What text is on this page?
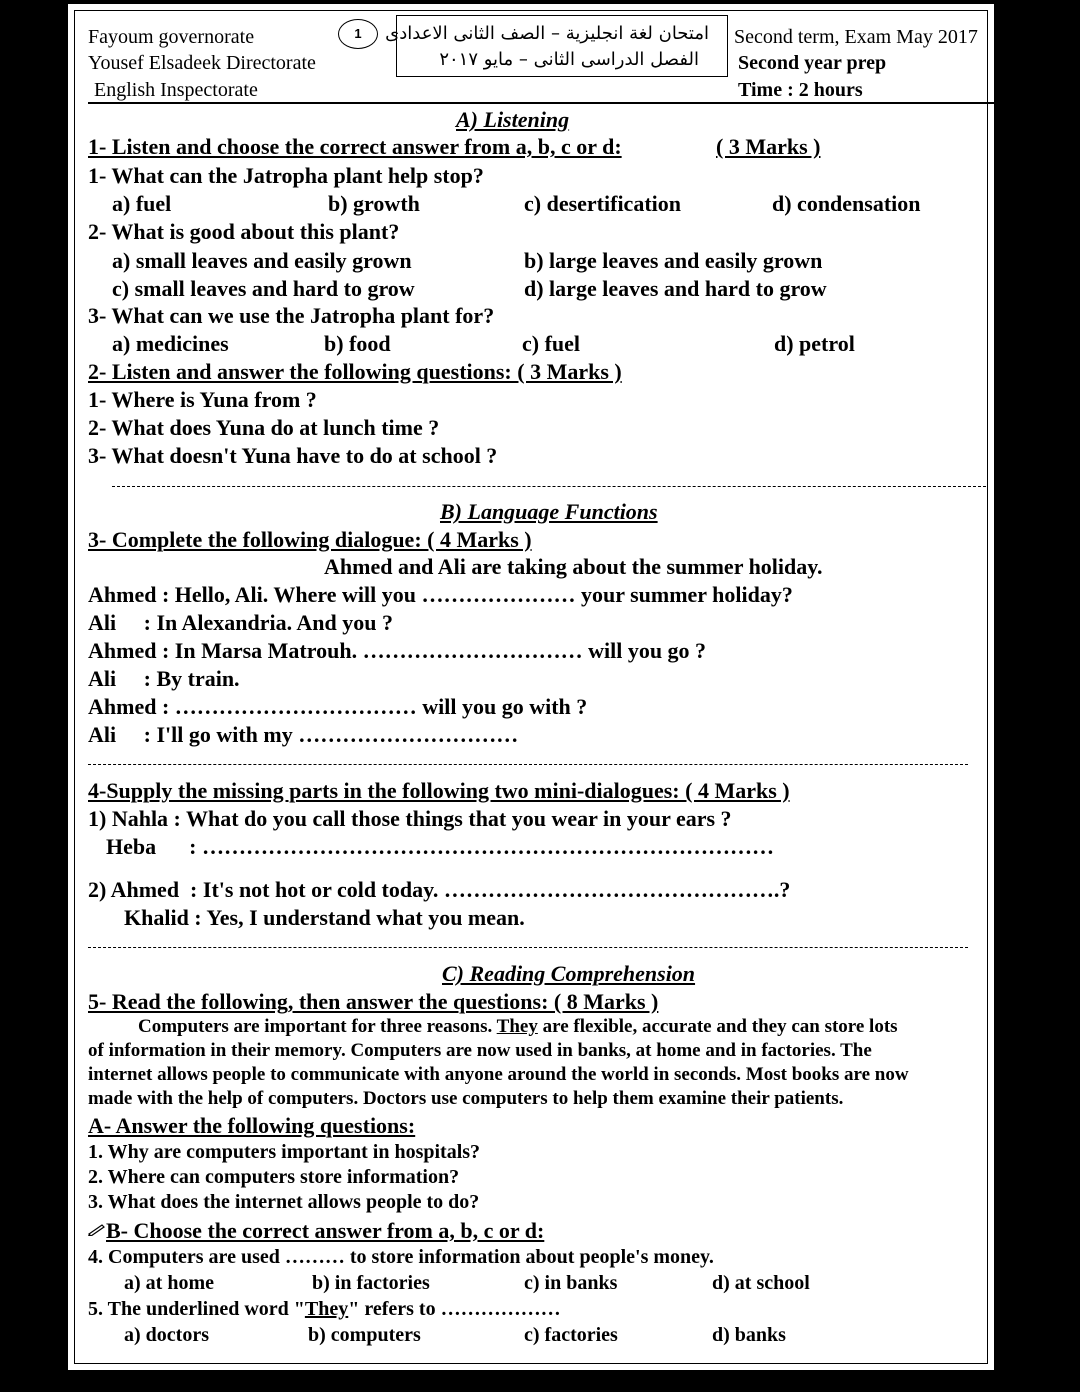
Fayoum governorate
Yousef Elsadeek Directorate
English Inspectorate
1	امتحان لغة انجليزية – الصف الثانى الاعدادى
الفصل الدراسى الثانى – مايو ٢٠١٧
Second term, Exam May 2017
Second year prep
Time : 2 hours
A) Listening
1- Listen and choose the correct answer from a, b, c or d:	( 3 Marks )
1- What can the Jatropha plant help stop?
a) fuel	b) growth	c) desertification	d) condensation
2- What is good about this plant?
a) small leaves and easily grown	b) large leaves and easily grown
c) small leaves and hard to grow	d) large leaves and hard to grow
3- What can we use the Jatropha plant for?
a) medicines	b) food	c) fuel	d) petrol
2- Listen and answer the following questions: ( 3 Marks )
1- Where is Yuna from ?
2- What does Yuna do at lunch time ?
3- What doesn't Yuna have to do at school ?
B) Language Functions
3- Complete the following dialogue: ( 4 Marks )
Ahmed and Ali are taking about the summer holiday.
Ahmed : Hello, Ali. Where will you ………………… your summer holiday?
Ali     : In Alexandria. And you ?
Ahmed : In Marsa Matrouh. ………………………… will you go ?
Ali     : By train.
Ahmed : …………………………… will you go with ?
Ali     : I'll go with my …………………………
4-Supply the missing parts in the following two mini-dialogues: ( 4 Marks )
1) Nahla : What do you call those things that you wear in your ears ?
Heba      : ……………………………………………………………………
2) Ahmed  : It's not hot or cold today. ……………………………………….?
Khalid : Yes, I understand what you mean.
C) Reading Comprehension
5- Read the following, then answer the questions: ( 8 Marks )
Computers are important for three reasons. They are flexible, accurate and they can store lots
of information in their memory. Computers are now used in banks, at home and in factories. The
internet allows people to communicate with anyone around the world in seconds. Most books are now
made with the help of computers. Doctors use computers to help them examine their patients.
A- Answer the following questions:
1. Why are computers important in hospitals?
2. Where can computers store information?
3. What does the internet allows people to do?
B- Choose the correct answer from a, b, c or d:
4. Computers are used ……… to store information about people's money.
a) at home	b) in factories	c) in banks	d) at school
5. The underlined word "They" refers to ………………
a) doctors	b) computers	c) factories	d) banks
